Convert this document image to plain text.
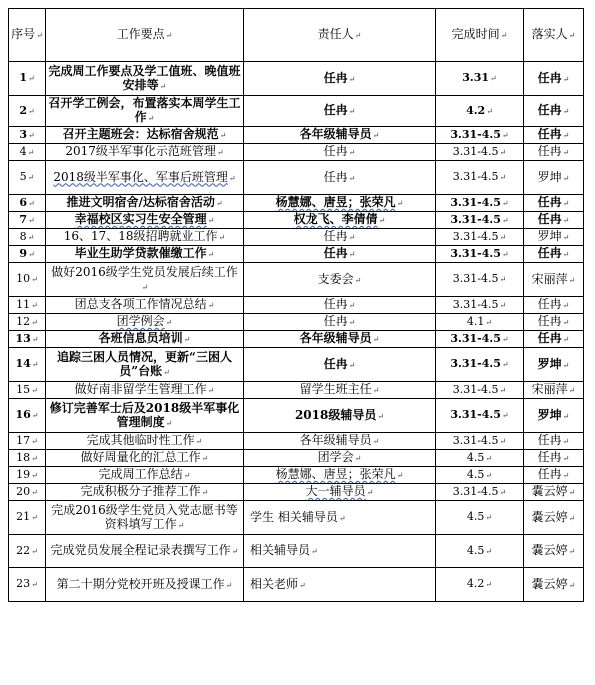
序号↵	工作要点↵	责任人↵	完成时间↵	落实人↵
1↵	完成周工作要点及学工值班、晚值班安排等↵	任冉↵	3.31↵	任冉↵
2↵	召开学工例会，布置落实本周学生工作↵	任冉↵	4.2↵	任冉↵
3↵	召开主题班会：达标宿舍规范↵	各年级辅导员↵	3.31-4.5↵	任冉↵
4↵	2017级半军事化示范班管理↵	任冉↵	3.31-4.5↵	任冉↵
5↵	2018级半军事化、军事后班管理↵	任冉↵	3.31-4.5↵	罗坤↵
6↵	推进文明宿舍/达标宿舍活动↵	杨慧娜、唐昱；张荣凡↵	3.31-4.5↵	任冉↵
7↵	幸福校区实习生安全管理↵	权龙飞、李倩倩↵	3.31-4.5↵	任冉↵
8↵	16、17、18级招聘就业工作↵	任冉↵	3.31-4.5↵	罗坤↵
9↵	毕业生助学贷款催缴工作↵	任冉↵	3.31-4.5↵	任冉↵
10↵	做好2016级学生党员发展后续工作↵	支委会↵	3.31-4.5↵	宋丽萍↵
11↵	团总支各项工作情况总结↵	任冉↵	3.31-4.5↵	任冉↵
12↵	团学例会↵	任冉↵	4.1↵	任冉↵
13↵	各班信息员培训↵	各年级辅导员↵	3.31-4.5↵	任冉↵
14↵	追踪三困人员情况，更新“三困人员”台账↵	任冉↵	3.31-4.5↵	罗坤↵
15↵	做好南非留学生管理工作↵	留学生班主任↵	3.31-4.5↵	宋丽萍↵
16↵	修订完善军士后及2018级半军事化管理制度↵	2018级辅导员↵	3.31-4.5↵	罗坤↵
17↵	完成其他临时性工作↵	各年级辅导员↵	3.31-4.5↵	任冉↵
18↵	做好周量化的汇总工作↵	团学会↵	4.5↵	任冉↵
19↵	完成周工作总结↵	杨慧娜、唐昱；张荣凡↵	4.5↵	任冉↵
20↵	完成积极分子推荐工作↵	大一辅导员↵	3.31-4.5↵	嚢云婷↵
21↵	完成2016级学生党员入党志愿书等资料填写工作↵	学生 相关辅导员↵	4.5↵	嚢云婷↵
22↵	完成党员发展全程记录表撰写工作↵	相关辅导员↵	4.5↵	嚢云婷↵
23↵	第二十期分党校开班及授课工作↵	相关老师↵	4.2↵	嚢云婷↵
